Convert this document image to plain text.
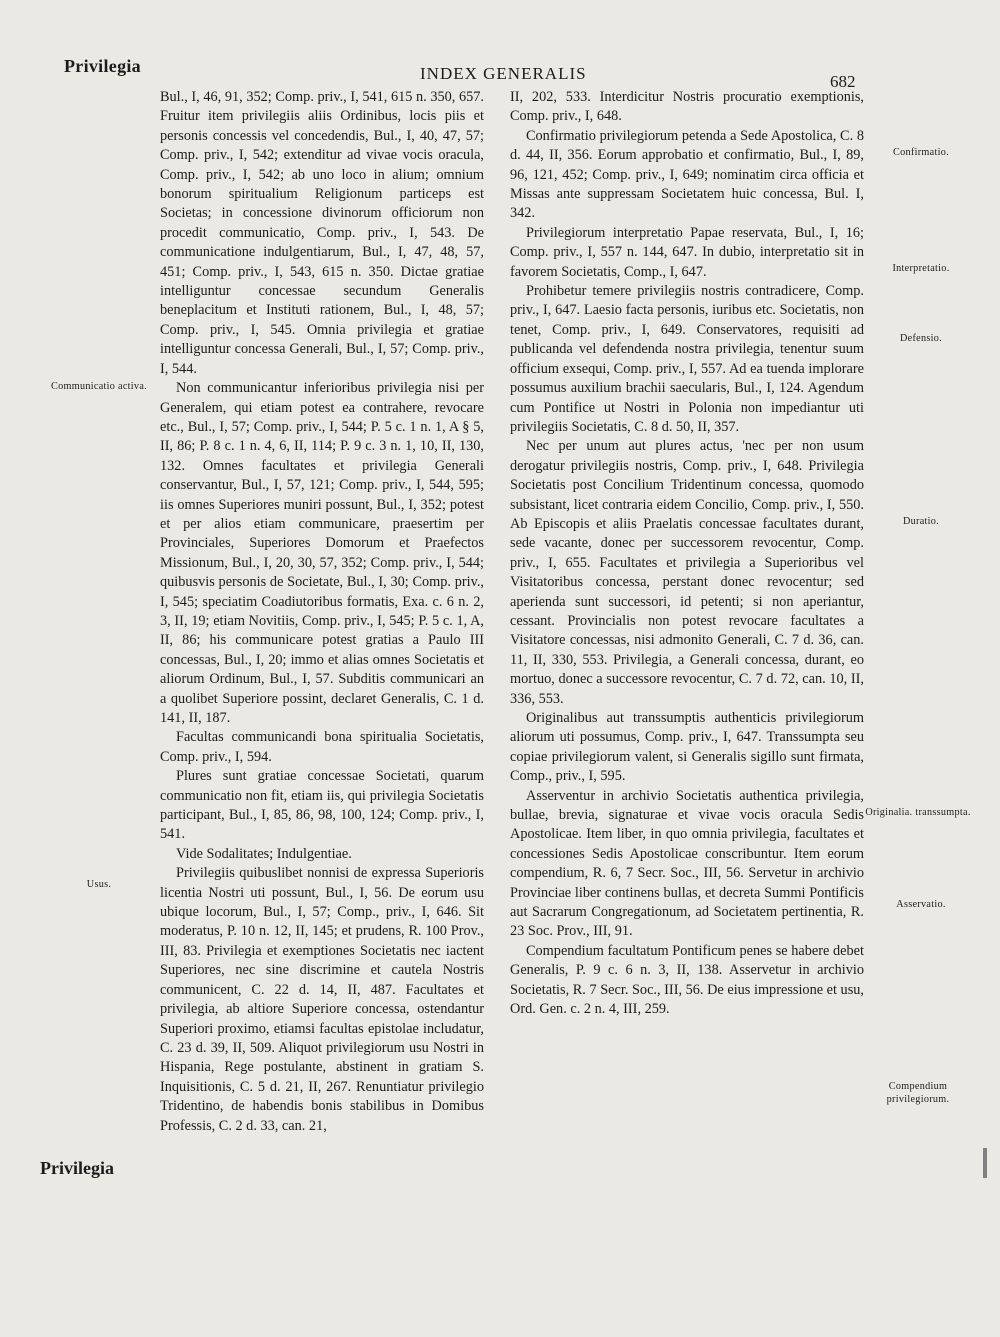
Privilegia	INDEX GENERALIS	682
Communicatio activa.
Usus.
Confirmatio.
Interpretatio.
Defensio.
Duratio.
Originalia. transsumpta.
Asservatio.
Compendium privilegiorum.

Bul., I, 46, 91, 352; Comp. priv., I, 541, 615 n. 350, 657. Fruitur item privilegiis aliis Ordinibus, locis piis et personis concessis vel concedendis, Bul., I, 40, 47, 57; Comp. priv., I, 542; extenditur ad vivae vocis oracula, Comp. priv., I, 542; ab uno loco in alium; omnium bonorum spiritualium Religionum particeps est Societas; in concessione divinorum officiorum non procedit communicatio, Comp. priv., I, 543. De communicatione indulgentiarum, Bul., I, 47, 48, 57, 451; Comp. priv., I, 543, 615 n. 350. Dictae gratiae intelliguntur concessae secundum Generalis beneplacitum et Instituti rationem, Bul., I, 48, 57; Comp. priv., I, 545. Omnia privilegia et gratiae intelliguntur concessa Generali, Bul., I, 57; Comp. priv., I, 544.

Non communicantur inferioribus privilegia nisi per Generalem, qui etiam potest ea contrahere, revocare etc., Bul., I, 57; Comp. priv., I, 544; P. 5 c. 1 n. 1, A § 5, II, 86; P. 8 c. 1 n. 4, 6, II, 114; P. 9 c. 3 n. 1, 10, II, 130, 132. Omnes facultates et privilegia Generali conservantur, Bul., I, 57, 121; Comp. priv., I, 544, 595; iis omnes Superiores muniri possunt, Bul., I, 352; potest et per alios etiam communicare, praesertim per Provinciales, Superiores Domorum et Praefectos Missionum, Bul., I, 20, 30, 57, 352; Comp. priv., I, 544; quibusvis personis de Societate, Bul., I, 30; Comp. priv., I, 545; speciatim Coadiutoribus formatis, Exa. c. 6 n. 2, 3, II, 19; etiam Novitiis, Comp. priv., I, 545; P. 5 c. 1, A, II, 86; his communicare potest gratias a Paulo III concessas, Bul., I, 20; immo et alias omnes Societatis et aliorum Ordinum, Bul., I, 57. Subditis communicari an a quolibet Superiore possint, declaret Generalis, C. 1 d. 141, II, 187.

Facultas communicandi bona spiritualia Societatis, Comp. priv., I, 594.

Plures sunt gratiae concessae Societati, quarum communicatio non fit, etiam iis, qui privilegia Societatis participant, Bul., I, 85, 86, 98, 100, 124; Comp. priv., I, 541.

Vide Sodalitates; Indulgentiae.

Privilegiis quibuslibet nonnisi de expressa Superioris licentia Nostri uti possunt, Bul., I, 56. De eorum usu ubique locorum, Bul., I, 57; Comp., priv., I, 646. Sit moderatus, P. 10 n. 12, II, 145; et prudens, R. 100 Prov., III, 83. Privilegia et exemptiones Societatis nec iactent Superiores, nec sine discrimine et cautela Nostris communicent, C. 22 d. 14, II, 487. Facultates et privilegia, ab altiore Superiore concessa, ostendantur Superiori proximo, etiamsi facultas epistolae includatur, C. 23 d. 39, II, 509. Aliquot privilegiorum usu Nostri in Hispania, Rege postulante, abstinent in gratiam S. Inquisitionis, C. 5 d. 21, II, 267. Renuntiatur privilegio Tridentino, de habendis bonis stabilibus in Domibus Professis, C. 2 d. 33, can. 21,

II, 202, 533. Interdicitur Nostris procuratio exemptionis, Comp. priv., I, 648.

Confirmatio privilegiorum petenda a Sede Apostolica, C. 8 d. 44, II, 356. Eorum approbatio et confirmatio, Bul., I, 89, 96, 121, 452; Comp. priv., I, 649; nominatim circa officia et Missas ante suppressam Societatem huic concessa, Bul. I, 342.

Privilegiorum interpretatio Papae reservata, Bul., I, 16; Comp. priv., I, 557 n. 144, 647. In dubio, interpretatio sit in favorem Societatis, Comp., I, 647.

Prohibetur temere privilegiis nostris contradicere, Comp. priv., I, 647. Laesio facta personis, iuribus etc. Societatis, non tenet, Comp. priv., I, 649. Conservatores, requisiti ad publicanda vel defendenda nostra privilegia, tenentur suum officium exsequi, Comp. priv., I, 557. Ad ea tuenda implorare possumus auxilium brachii saecularis, Bul., I, 124. Agendum cum Pontifice ut Nostri in Polonia non impediantur uti privilegiis Societatis, C. 8 d. 50, II, 357.

Nec per unum aut plures actus, 'nec per non usum derogatur privilegiis nostris, Comp. priv., I, 648. Privilegia Societatis post Concilium Tridentinum concessa, quomodo subsistant, licet contraria eidem Concilio, Comp. priv., I, 550. Ab Episcopis et aliis Praelatis concessae facultates durant, sede vacante, donec per successorem revocentur, Comp. priv., I, 655. Facultates et privilegia a Superioribus vel Visitatoribus concessa, perstant donec revocentur; sed aperienda sunt successori, id petenti; si non aperiantur, cessant. Provincialis non potest revocare facultates a Visitatore concessas, nisi admonito Generali, C. 7 d. 36, can. 11, II, 330, 553. Privilegia, a Generali concessa, durant, eo mortuo, donec a successore revocentur, C. 7 d. 72, can. 10, II, 336, 553.

Originalibus aut transsumptis authenticis privilegiorum aliorum uti possumus, Comp. priv., I, 647. Transsumpta seu copiae privilegiorum valent, si Generalis sigillo sunt firmata, Comp., priv., I, 595.

Asserventur in archivio Societatis authentica privilegia, bullae, brevia, signaturae et vivae vocis oracula Sedis Apostolicae. Item liber, in quo omnia privilegia, facultates et concessiones Sedis Apostolicae conscribuntur. Item eorum compendium, R. 6, 7 Secr. Soc., III, 56. Servetur in archivio Provinciae liber continens bullas, et decreta Summi Pontificis aut Sacrarum Congregationum, ad Societatem pertinentia, R. 23 Soc. Prov., III, 91.

Compendium facultatum Pontificum penes se habere debet Generalis, P. 9 c. 6 n. 3, II, 138. Asservetur in archivio Societatis, R. 7 Secr. Soc., III, 56. De eius impressione et usu, Ord. Gen. c. 2 n. 4, III, 259.

Privilegia
